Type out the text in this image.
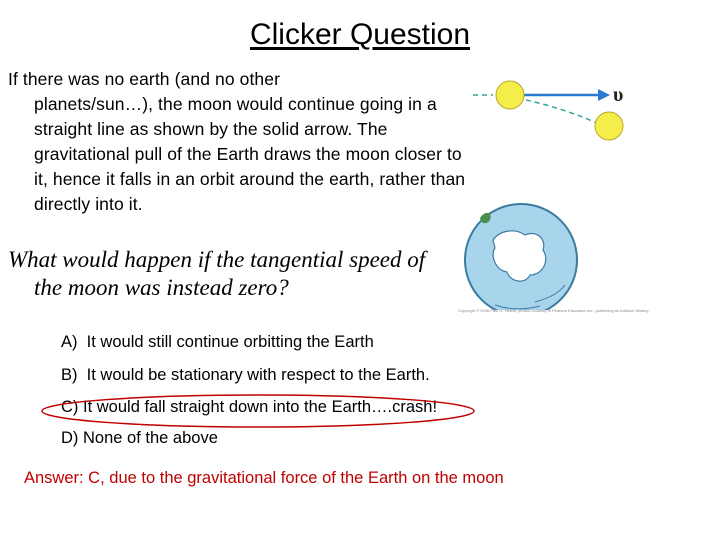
Clicker Question
If there was no earth (and no other
planets/sun…), the moon would continue going in a straight line as shown by the solid arrow. The gravitational pull of the Earth draws the moon closer to it, hence it falls in an orbit around the earth, rather than directly into it.
What would happen if the tangential speed of
the moon was instead zero?
A) It would still continue orbitting the Earth
B) It would be stationary with respect to the Earth.
C) It would fall straight down into the Earth….crash!
D) None of the above
Answer: C, due to the gravitational force of the Earth on the moon
υ
Copyright © 2006 Paul G. Hewitt, printed courtesy of Pearson Education Inc., publishing as Addison Wesley.
